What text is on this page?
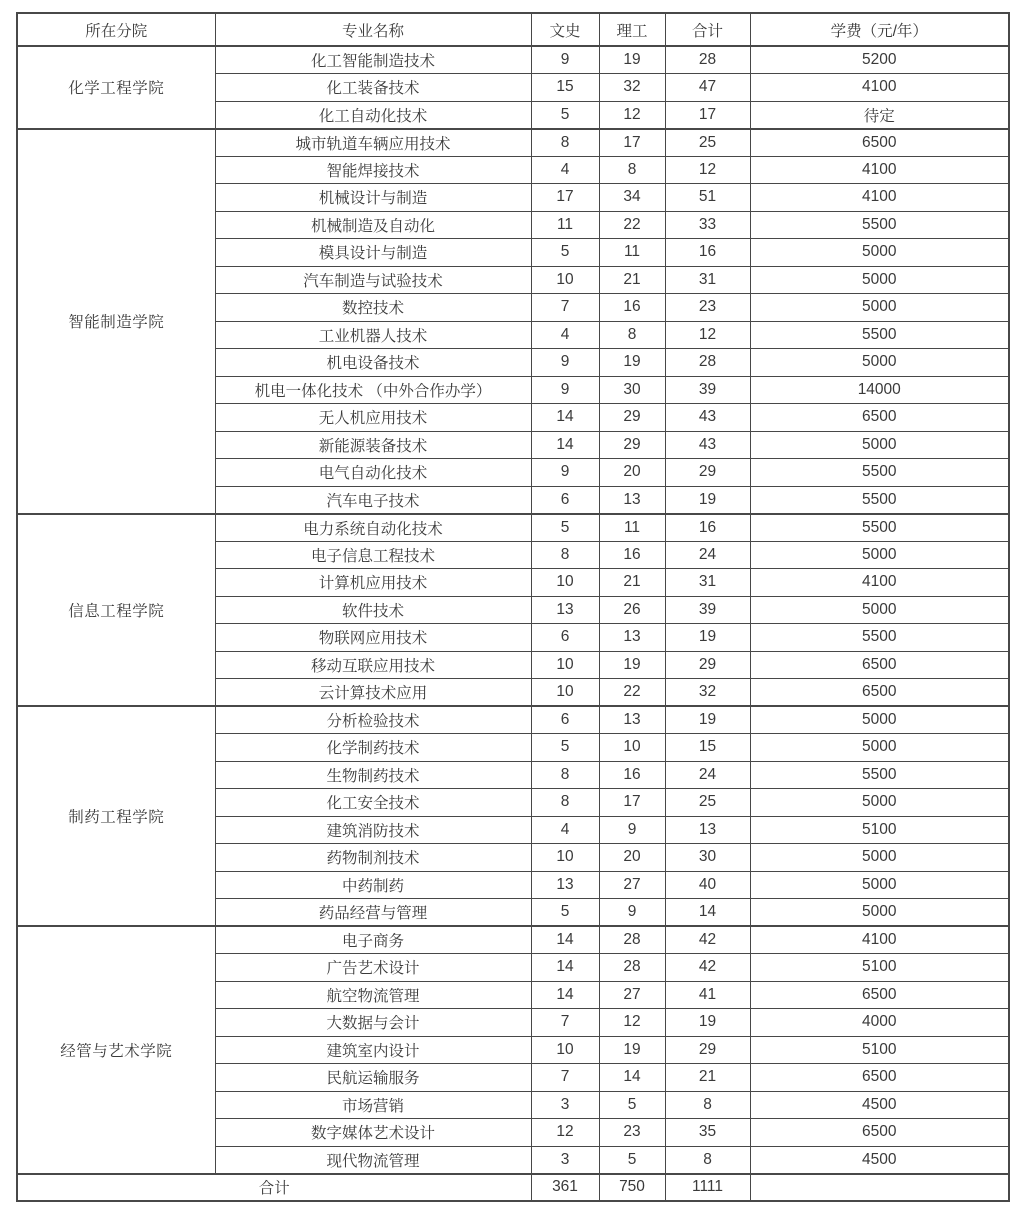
所在分院	专业名称	文史	理工	合计	学费（元/年）
化学工程学院	化工智能制造技术	9	19	28	5200
	化工装备技术	15	32	47	4100
	化工自动化技术	5	12	17	待定
智能制造学院	城市轨道车辆应用技术	8	17	25	6500
	智能焊接技术	4	8	12	4100
	机械设计与制造	17	34	51	4100
	机械制造及自动化	11	22	33	5500
	模具设计与制造	5	11	16	5000
	汽车制造与试验技术	10	21	31	5000
	数控技术	7	16	23	5000
	工业机器人技术	4	8	12	5500
	机电设备技术	9	19	28	5000
	机电一体化技术 （中外合作办学）	9	30	39	14000
	无人机应用技术	14	29	43	6500
	新能源装备技术	14	29	43	5000
	电气自动化技术	9	20	29	5500
	汽车电子技术	6	13	19	5500
信息工程学院	电力系统自动化技术	5	11	16	5500
	电子信息工程技术	8	16	24	5000
	计算机应用技术	10	21	31	4100
	软件技术	13	26	39	5000
	物联网应用技术	6	13	19	5500
	移动互联应用技术	10	19	29	6500
	云计算技术应用	10	22	32	6500
制药工程学院	分析检验技术	6	13	19	5000
	化学制药技术	5	10	15	5000
	生物制药技术	8	16	24	5500
	化工安全技术	8	17	25	5000
	建筑消防技术	4	9	13	5100
	药物制剂技术	10	20	30	5000
	中药制药	13	27	40	5000
	药品经营与管理	5	9	14	5000
经管与艺术学院	电子商务	14	28	42	4100
	广告艺术设计	14	28	42	5100
	航空物流管理	14	27	41	6500
	大数据与会计	7	12	19	4000
	建筑室内设计	10	19	29	5100
	民航运输服务	7	14	21	6500
	市场营销	3	5	8	4500
	数字媒体艺术设计	12	23	35	6500
	现代物流管理	3	5	8	4500
合计		361	750	1111	
